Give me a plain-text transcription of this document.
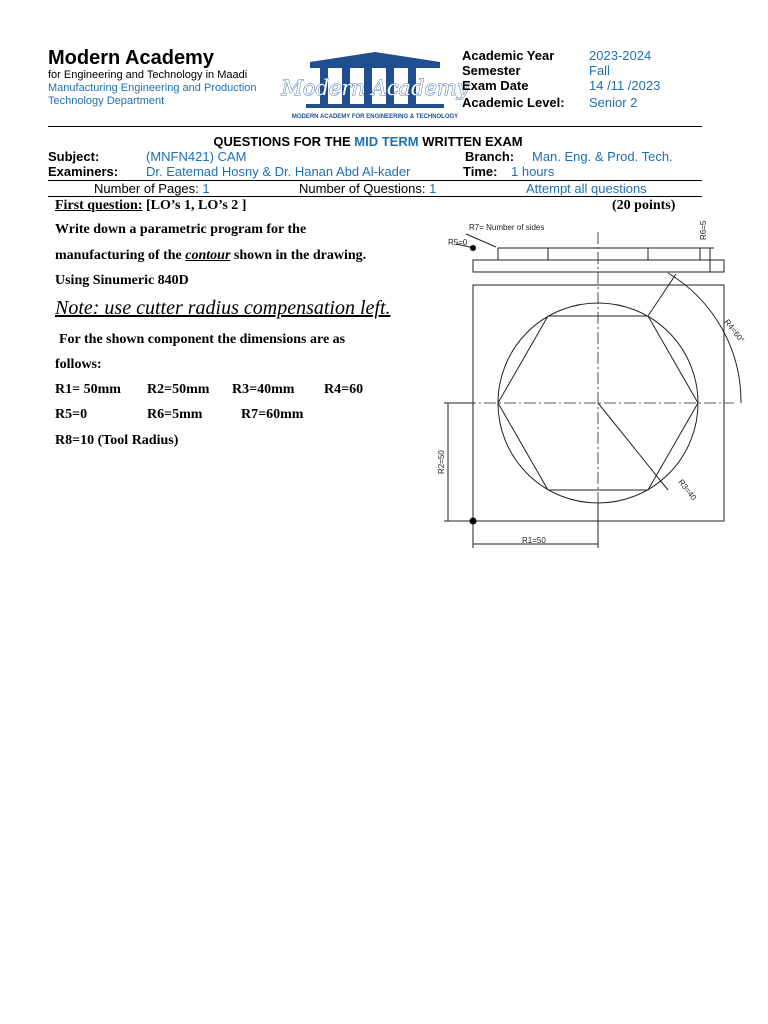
Modern Academy
for Engineering and Technology in Maadi
Manufacturing Engineering and Production
Technology Department
Modern Academy
MODERN ACADEMY FOR ENGINEERING & TECHNOLOGY
Academic Year	2023-2024
Semester	Fall
Exam Date	14 /11 /2023
Academic Level: Senior 2
QUESTIONS FOR THE MID TERM WRITTEN EXAM
Subject:	(MNFN421) CAM	Branch: Man. Eng. & Prod. Tech.
Examiners: Dr. Eatemad Hosny & Dr. Hanan Abd Al-kader	Time: 1 hours
Number of Pages: 1	Number of Questions: 1	Attempt all questions
First question: [LO’s 1, LO’s 2 ]	(20 points)
Write down a parametric program for the
manufacturing of the contour shown in the drawing.
Using Sinumeric 840D
Note: use cutter radius compensation left.
For the shown component the dimensions are as
follows:
R1= 50mm R2=50mm R3=40mm R4=60
R5=0	R6=5mm	R7=60mm
R8=10 (Tool Radius)
R7= Number of sides	R6=5
R5=0
R4=60°
R2=50
R3=40
R1=50
